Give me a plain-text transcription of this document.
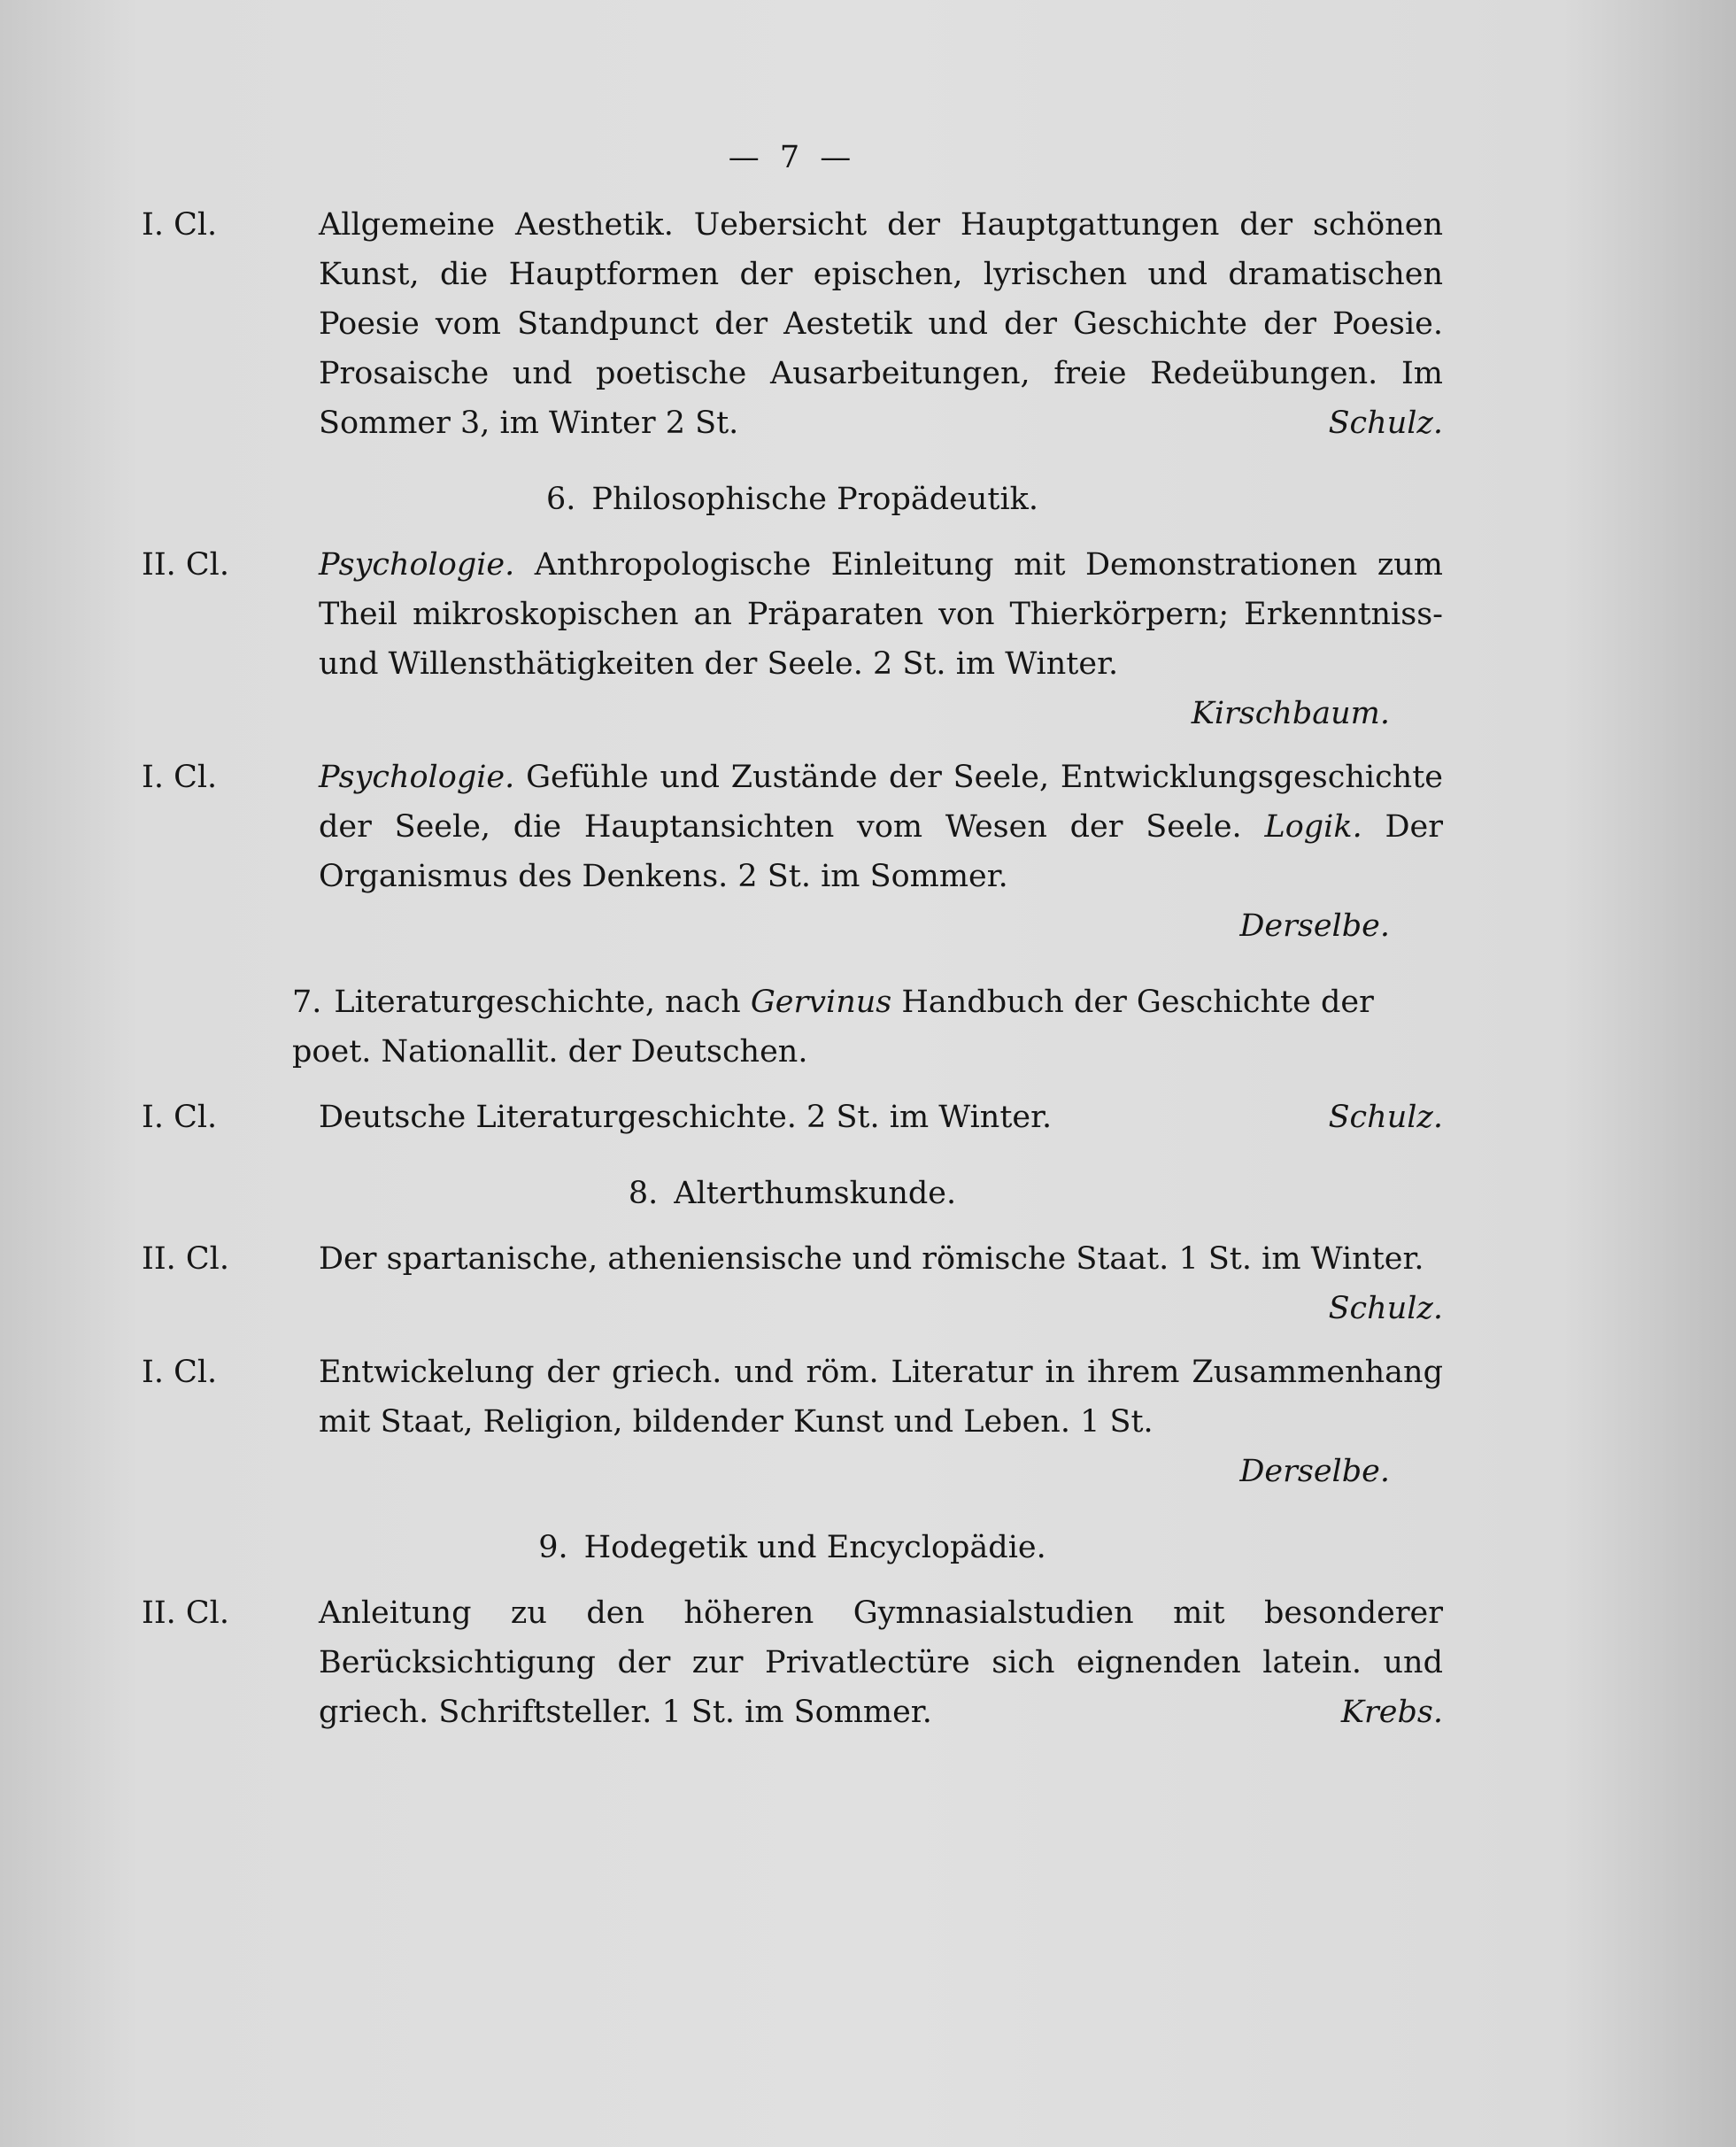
— 7 —
I. Cl.	Allgemeine Aesthetik. Uebersicht der Hauptgattungen der schönen Kunst, die Hauptformen der epischen, lyrischen und dramatischen Poesie vom Standpunct der Aestetik und der Geschichte der Poesie. Prosaische und poetische Ausarbeitungen, freie Redeübungen. Im Sommer 3, im Winter 2 St.	Schulz.
6. Philosophische Propädeutik.
II. Cl.	Psychologie. Anthropologische Einleitung mit Demonstrationen zum Theil mikroskopischen an Präparaten von Thierkörpern; Erkenntniss- und Willensthätigkeiten der Seele. 2 St. im Winter.
Kirschbaum.
I. Cl.	Psychologie. Gefühle und Zustände der Seele, Entwicklungsgeschichte der Seele, die Hauptansichten vom Wesen der Seele. Logik. Der Organismus des Denkens. 2 St. im Sommer.
Derselbe.
7. Literaturgeschichte, nach Gervinus Handbuch der Geschichte der poet. Nationallit. der Deutschen.
I. Cl.	Deutsche Literaturgeschichte. 2 St. im Winter.	Schulz.
8. Alterthumskunde.
II. Cl.	Der spartanische, atheniensische und römische Staat. 1 St. im Winter.
Schulz.
I. Cl.	Entwickelung der griech. und röm. Literatur in ihrem Zusammenhang mit Staat, Religion, bildender Kunst und Leben. 1 St.
Derselbe.
9. Hodegetik und Encyclopädie.
II. Cl.	Anleitung zu den höheren Gymnasialstudien mit besonderer Berücksichtigung der zur Privatlectüre sich eignenden latein. und griech. Schriftsteller. 1 St. im Sommer.	Krebs.
